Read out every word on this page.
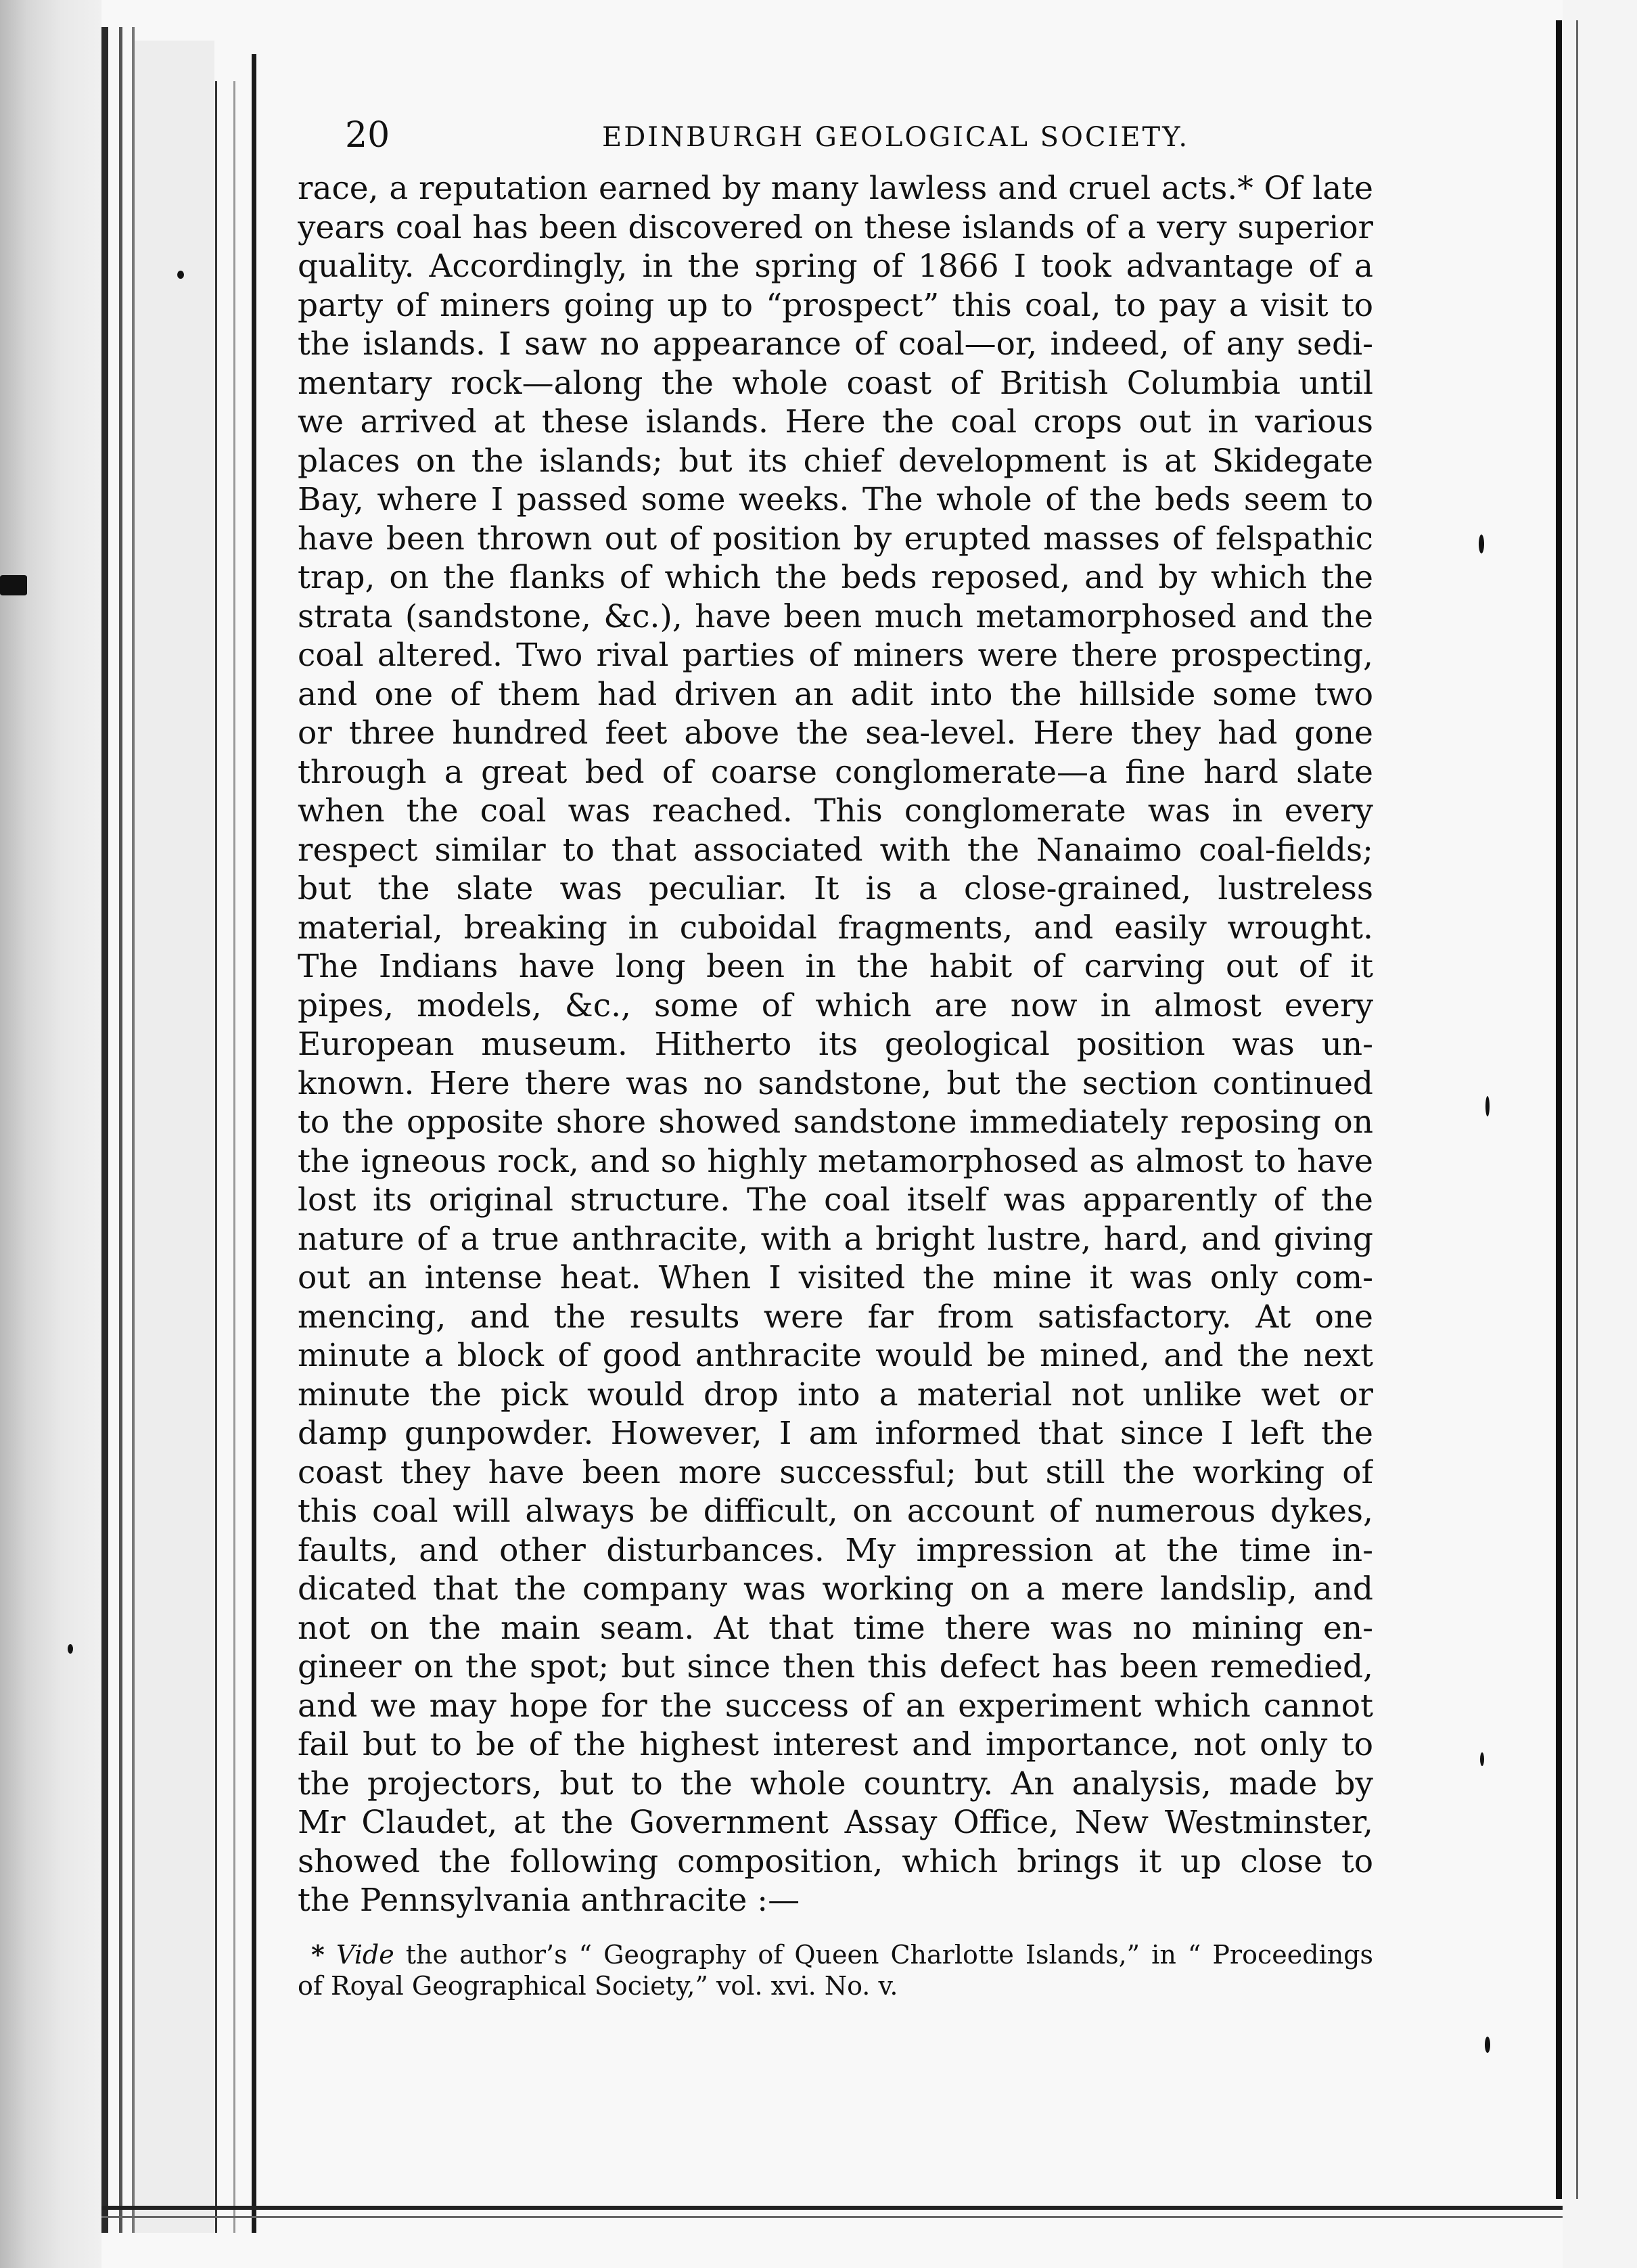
20	EDINBURGH GEOLOGICAL SOCIETY.

race, a reputation earned by many lawless and cruel acts.* Of late
years coal has been discovered on these islands of a very superior
quality. Accordingly, in the spring of 1866 I took advantage of a
party of miners going up to “prospect” this coal, to pay a visit to
the islands. I saw no appearance of coal—or, indeed, of any sedi-
mentary rock—along the whole coast of British Columbia until
we arrived at these islands. Here the coal crops out in various
places on the islands; but its chief development is at Skidegate
Bay, where I passed some weeks. The whole of the beds seem to
have been thrown out of position by erupted masses of felspathic
trap, on the flanks of which the beds reposed, and by which the
strata (sandstone, &c.), have been much metamorphosed and the
coal altered. Two rival parties of miners were there prospecting,
and one of them had driven an adit into the hillside some two
or three hundred feet above the sea-level. Here they had gone
through a great bed of coarse conglomerate—a fine hard slate
when the coal was reached. This conglomerate was in every
respect similar to that associated with the Nanaimo coal-fields;
but the slate was peculiar. It is a close-grained, lustreless
material, breaking in cuboidal fragments, and easily wrought.
The Indians have long been in the habit of carving out of it
pipes, models, &c., some of which are now in almost every
European museum. Hitherto its geological position was un-
known. Here there was no sandstone, but the section continued
to the opposite shore showed sandstone immediately reposing on
the igneous rock, and so highly metamorphosed as almost to have
lost its original structure. The coal itself was apparently of the
nature of a true anthracite, with a bright lustre, hard, and giving
out an intense heat. When I visited the mine it was only com-
mencing, and the results were far from satisfactory. At one
minute a block of good anthracite would be mined, and the next
minute the pick would drop into a material not unlike wet or
damp gunpowder. However, I am informed that since I left the
coast they have been more successful; but still the working of
this coal will always be difficult, on account of numerous dykes,
faults, and other disturbances. My impression at the time in-
dicated that the company was working on a mere landslip, and
not on the main seam. At that time there was no mining en-
gineer on the spot; but since then this defect has been remedied,
and we may hope for the success of an experiment which cannot
fail but to be of the highest interest and importance, not only to
the projectors, but to the whole country. An analysis, made by
Mr Claudet, at the Government Assay Office, New Westminster,
showed the following composition, which brings it up close to
the Pennsylvania anthracite :—

* Vide the author’s “ Geography of Queen Charlotte Islands,” in “ Proceedings
of Royal Geographical Society,” vol. xvi. No. v.
